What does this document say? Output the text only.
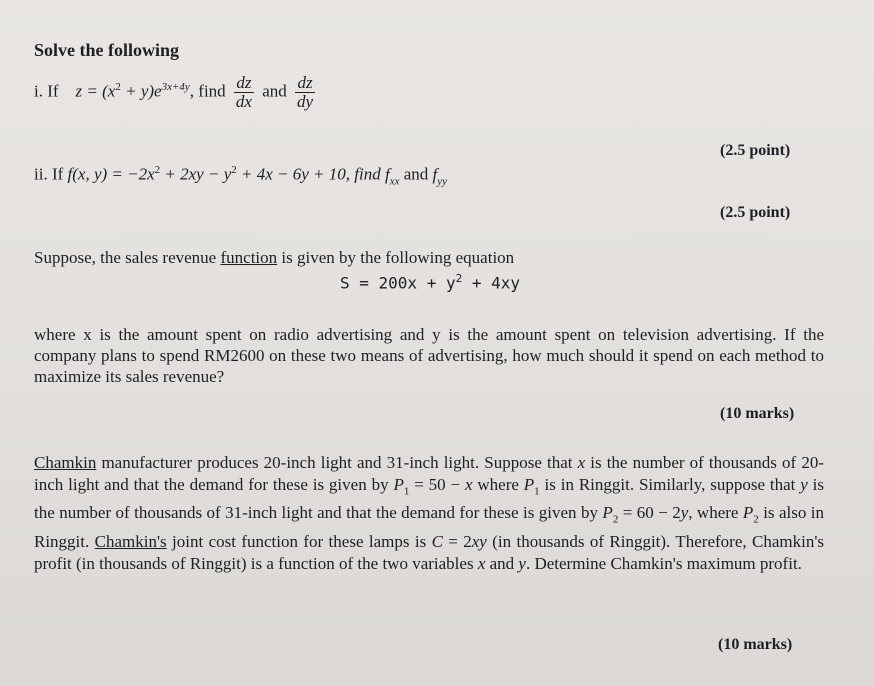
Solve the following
i. If $z = (x^2 + y)e^{3x+4y}$, find $\frac{dz}{dx}$ and $\frac{dz}{dy}$
(2.5 point)
ii. If f(x, $y) = -2x^2 + 2xy - y^2 + 4x - 6y + 10$, find $f_{xx}$ and $f_{yy}$
(2.5 point)
Suppose, the sales revenue function is given by the following equation
$S = 200x + y^2 + 4xy$
where x is the amount spent on radio advertising and y is the amount spent on television advertising. If the company plans to spend RM2600 on these two means of advertising, how much should it spend on each method to maximize its sales revenue?
(10 marks)
Chamkin manufacturer produces 20-inch light and 31-inch light. Suppose that x is the number of thousands of 20-inch light and that the demand for these is given by $P_1 = 50 - x$ where $P_1$ is in Ringgit. Similarly, suppose that y is the number of thousands of 31-inch light and that the demand for these is given by $P_2 = 60 - 2y$, where $P_2$ is also in Ringgit. Chamkin's joint cost function for these lamps is C = 2xy (in thousands of Ringgit). Therefore, Chamkin's profit (in thousands of Ringgit) is a function of the two variables x and y. Determine Chamkin's maximum profit.
(10 marks)
